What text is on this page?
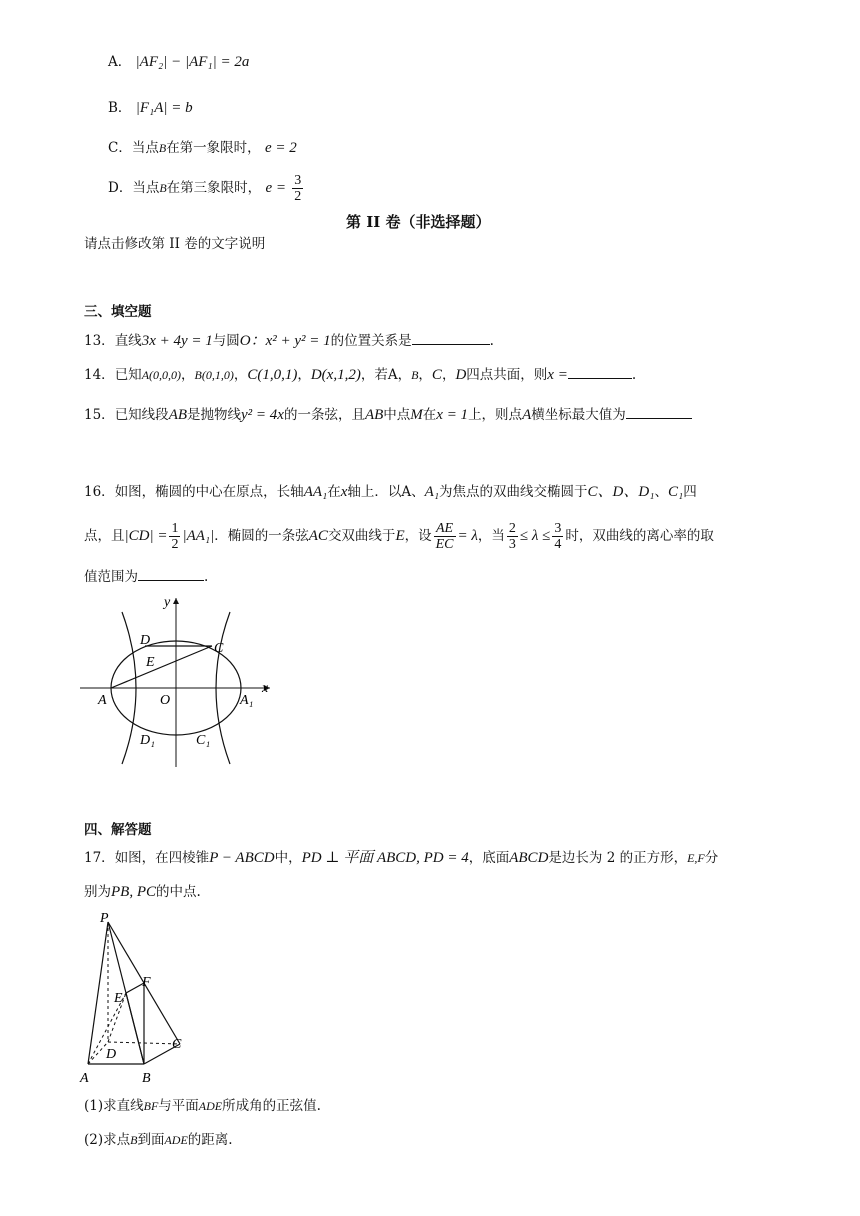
A． |AF₂| − |AF₁| = 2a
B． |F₁A| = b
C．当点B在第一象限时， e = 2
D．当点B在第三象限时， $e = \frac{3}{2}$
第 II 卷（非选择题）
请点击修改第 II 卷的文字说明
三、填空题
13．直线3x + 4y = 1与圆O：x² + y² = 1的位置关系是	.
14．已知A(0,0,0)，B(0,1,0)，C(1,0,1)，D(x,1,2)，若A，B，C，D四点共面，则x =	.
15．已知线段AB是抛物线y² = 4x的一条弦，且AB中点M在x = 1上，则点A横坐标最大值为
16．如图，椭圆的中心在原点，长轴AA₁在x轴上．以A、A₁为焦点的双曲线交椭圆于C、D、D₁、C₁四
点，且$|CD| = \frac{1}{2} |AA_1|$．椭圆的一条弦AC交双曲线于E，设 $\frac{AE}{EC} = \lambda$，当 $\frac{2}{3} \le \lambda \le \frac{3}{4}$ 时，双曲线的离心率的取
值范围为	.
y
D
C
E
A	O	A₁
x
D₁	C₁
四、解答题
17．如图，在四棱锥P − ABCD中，PD ⊥ 平面 ABCD, PD = 4，底面ABCD是边长为 2 的正方形，E,F分
别为PB, PC的中点.
P
F
E
D
C
A	B
(1)求直线BF与平面ADE所成角的正弦值.
(2)求点B到面ADE的距离.
